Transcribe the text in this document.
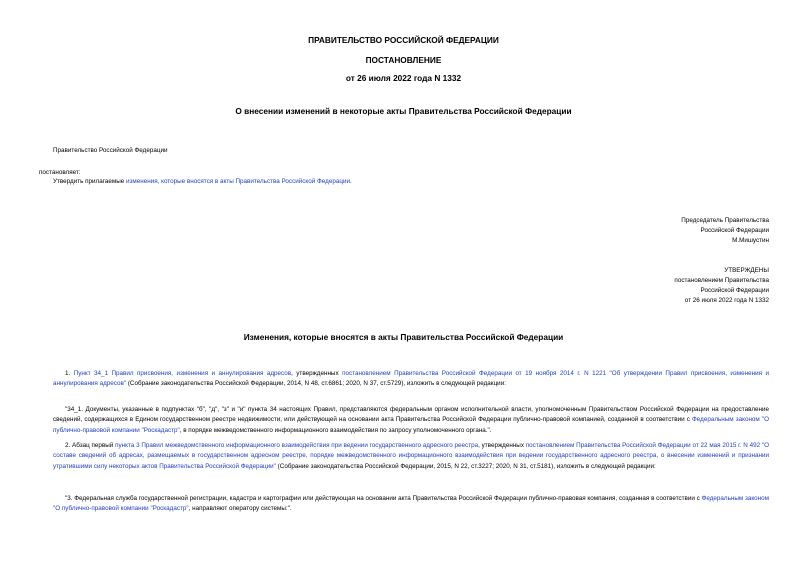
ПРАВИТЕЛЬСТВО РОССИЙСКОЙ ФЕДЕРАЦИИ
ПОСТАНОВЛЕНИЕ
от 26 июля 2022 года N 1332
О внесении изменений в некоторые акты Правительства Российской Федерации
Правительство Российской Федерации
постановляет:
Утвердить прилагаемые изменения, которые вносятся в акты Правительства Российской Федерации.
Председатель Правительства
Российской Федерации
М.Мишустин
УТВЕРЖДЕНЫ
постановлением Правительства
Российской Федерации
от 26 июля 2022 года N 1332
Изменения, которые вносятся в акты Правительства Российской Федерации
1. Пункт 34_1 Правил присвоения, изменения и аннулирования адресов, утвержденных постановлением Правительства Российской Федерации от 19 ноября 2014 г. N 1221 "Об утверждении Правил присвоения, изменения и аннулирования адресов" (Собрание законодательства Российской Федерации, 2014, N 48, ст.6861; 2020, N 37, ст.5729), изложить в следующей редакции:
"34_1. Документы, указанные в подпунктах "б", "д", "з" и "и" пункта 34 настоящих Правил, представляются федеральным органом исполнительной власти, уполномоченным Правительством Российской Федерации на предоставление сведений, содержащихся в Едином государственном реестре недвижимости, или действующей на основании акта Правительства Российской Федерации публично-правовой компанией, созданной в соответствии с Федеральным законом "О публично-правовой компании "Роскадастр", в порядке межведомственного информационного взаимодействия по запросу уполномоченного органа.".
2. Абзац первый пункта 3 Правил межведомственного информационного взаимодействия при ведении государственного адресного реестра, утвержденных постановлением Правительства Российской Федерации от 22 мая 2015 г. N 492 "О составе сведений об адресах, размещаемых в государственном адресном реестре, порядке межведомственного информационного взаимодействия при ведении государственного адресного реестра, о внесении изменений и признании утратившими силу некоторых актов Правительства Российской Федерации" (Собрание законодательства Российской Федерации, 2015, N 22, ст.3227; 2020, N 31, ст.5181), изложить в следующей редакции:
"3. Федеральная служба государственной регистрации, кадастра и картографии или действующая на основании акта Правительства Российской Федерации публично-правовая компания, созданная в соответствии с Федеральным законом "О публично-правовой компании "Роскадастр", направляют оператору системы:".
